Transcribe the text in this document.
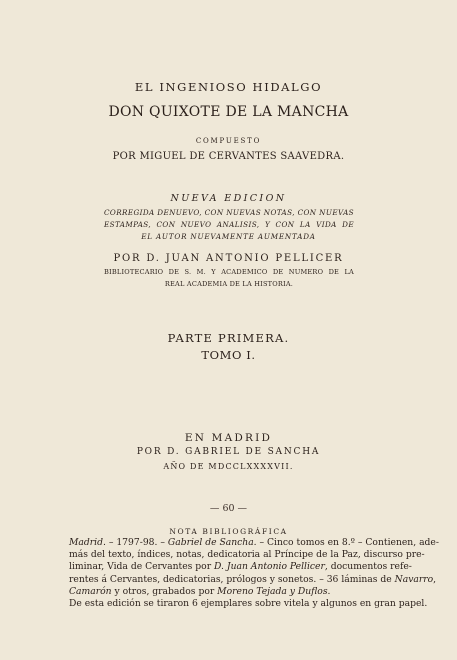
EL INGENIOSO HIDALGO
DON QUIXOTE DE LA MANCHA
COMPUESTO
POR MIGUEL DE CERVANTES SAAVEDRA.
NUEVA EDICION
CORREGIDA DENUEVO, CON NUEVAS NOTAS, CON NUEVAS
ESTAMPAS, CON NUEVO ANALISIS, Y CON LA VIDA DE
EL AUTOR NUEVAMENTE AUMENTADA
POR D. JUAN ANTONIO PELLICER
BIBLIOTECARIO DE S. M. Y ACADEMICO DE NUMERO DE LA
REAL ACADEMIA DE LA HISTORIA.
PARTE PRIMERA.
TOMO I.
EN MADRID
POR D. GABRIEL DE SANCHA
AÑO DE MDCCLXXXXVII.
— 60 —
NOTA BIBLIOGRÁFICA
Madrid. – 1797-98. – Gabriel de Sancha. – Cinco tomos en 8.º – Contienen, ade-
más del texto, índices, notas, dedicatoria al Príncipe de la Paz, discurso pre-
liminar, Vida de Cervantes por D. Juan Antonio Pellicer, documentos refe-
rentes á Cervantes, dedicatorias, prólogos y sonetos. – 36 láminas de Navarro,
Camarón y otros, grabados por Moreno Tejada y Duflos.
De esta edición se tiraron 6 ejemplares sobre vitela y algunos en gran papel.
